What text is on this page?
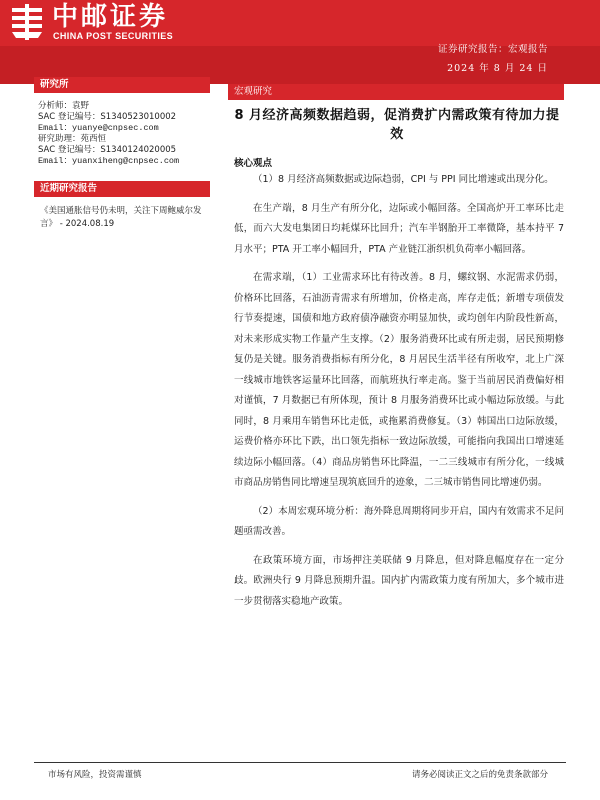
中邮证券
CHINA POST SECURITIES
证券研究报告：宏观报告
2024 年 8 月 24 日
研究所
分析师：袁野
SAC 登记编号：S1340523010002
Email：yuanye@cnpsec.com
研究助理：苑西恒
SAC 登记编号：S1340124020005
Email：yuanxiheng@cnpsec.com
近期研究报告
《美国通胀信号仍未明，关注下周鲍威尔发言》 - 2024.08.19
宏观研究
8 月经济高频数据趋弱，促消费扩内需政策有待加力提效
核心观点

（1）8 月经济高频数据或边际趋弱，CPI 与 PPI 同比增速或出现分化。

在生产端，8 月生产有所分化，边际或小幅回落。全国高炉开工率环比走低，而六大发电集团日均耗煤环比回升；汽车半钢胎开工率微降，基本持平 7 月水平；PTA 开工率小幅回升，PTA 产业链江浙织机负荷率小幅回落。

在需求端，（1）工业需求环比有待改善。8 月，螺纹钢、水泥需求仍弱，价格环比回落，石油沥青需求有所增加，价格走高，库存走低；新增专项债发行节奏提速，国债和地方政府债净融资亦明显加快，或均创年内阶段性新高，对未来形成实物工作量产生支撑。（2）服务消费环比或有所走弱，居民预期修复仍是关键。服务消费指标有所分化，8 月居民生活半径有所收窄，北上广深一线城市地铁客运量环比回落，而航班执行率走高。鉴于当前居民消费偏好相对谨慎，7 月数据已有所体现，预计 8 月服务消费环比或小幅边际放缓。与此同时，8 月乘用车销售环比走低，或拖累消费修复。（3）韩国出口边际放缓，运费价格亦环比下跌，出口领先指标一致边际放缓，可能指向我国出口增速延续边际小幅回落。（4）商品房销售环比降温，一二三线城市有所分化，一线城市商品房销售同比增速呈现筑底回升的迹象，二三城市销售同比增速仍弱。

（2）本周宏观环境分析：海外降息周期将同步开启，国内有效需求不足问题亟需改善。

在政策环境方面，市场押注美联储 9 月降息，但对降息幅度存在一定分歧。欧洲央行 9 月降息预期升温。国内扩内需政策力度有所加大，多个城市进一步贯彻落实稳地产政策。

市场有风险，投资需谨慎	请务必阅读正文之后的免责条款部分
